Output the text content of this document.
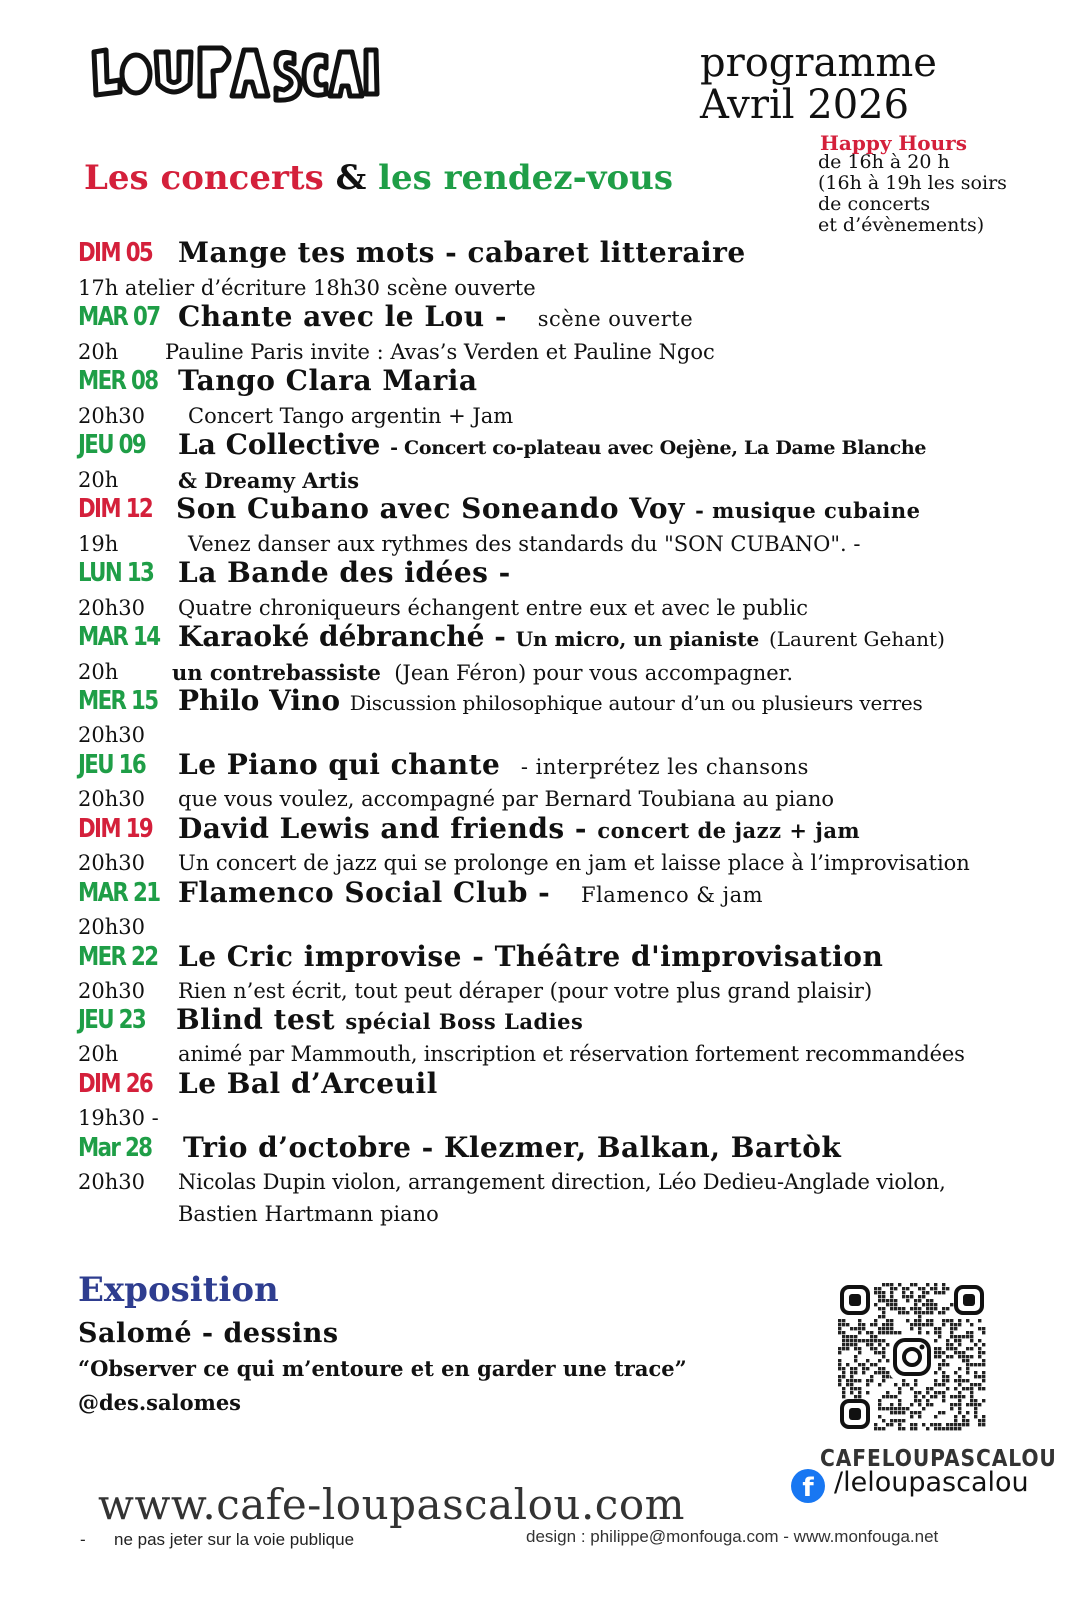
programme
Avril 2026
Happy Hours
de 16h à 20 h
(16h à 19h les soirs
de concerts
et d’évènements)
Les concerts & les rendez-vous
DIM 05 Mange tes mots - cabaret litteraire
17h atelier d’écriture 18h30 scène ouverte
MAR 07 Chante avec le Lou - scène ouverte
20h Pauline Paris invite : Avas’s Verden et Pauline Ngoc
MER 08 Tango Clara Maria
20h30 Concert Tango argentin + Jam
JEU 09 La Collective - Concert co-plateau avec Oejène, La Dame Blanche
20h	& Dreamy Artis
DIM 12 Son Cubano avec Soneando Voy - musique cubaine
19h	Venez danser aux rythmes des standards du "SON CUBANO". -
LUN 13 La Bande des idées -
20h30 Quatre chroniqueurs échangent entre eux et avec le public
MAR 14 Karaoké débranché - Un micro, un pianiste (Laurent Gehant)
20h	un contrebassiste (Jean Féron) pour vous accompagner.
MER 15 Philo Vino Discussion philosophique autour d’un ou plusieurs verres
20h30
JEU 16 Le Piano qui chante - interprétez les chansons
20h30 que vous voulez, accompagné par Bernard Toubiana au piano
DIM 19 David Lewis and friends - concert de jazz + jam
20h30 Un concert de jazz qui se prolonge en jam et laisse place à l’improvisation
MAR 21 Flamenco Social Club - Flamenco & jam
20h30
MER 22 Le Cric improvise - Théâtre d'improvisation
20h30 Rien n’est écrit, tout peut déraper (pour votre plus grand plaisir)
JEU 23 Blind test spécial Boss Ladies
20h	animé par Mammouth, inscription et réservation fortement recommandées
DIM 26 Le Bal d’Arceuil
19h30 -
Mar 28 Trio d’octobre - Klezmer, Balkan, Bartòk
20h30 Nicolas Dupin violon, arrangement direction, Léo Dedieu-Anglade violon,
Bastien Hartmann piano
Exposition
Salomé - dessins
“Observer ce qui m’entoure et en garder une trace”
@des.salomes
CAFELOUPASCALOU
f /leloupascalou
www.cafe-loupascalou.com
-      ne pas jeter sur la voie publique	design : philippe@monfouga.com - www.monfouga.net
